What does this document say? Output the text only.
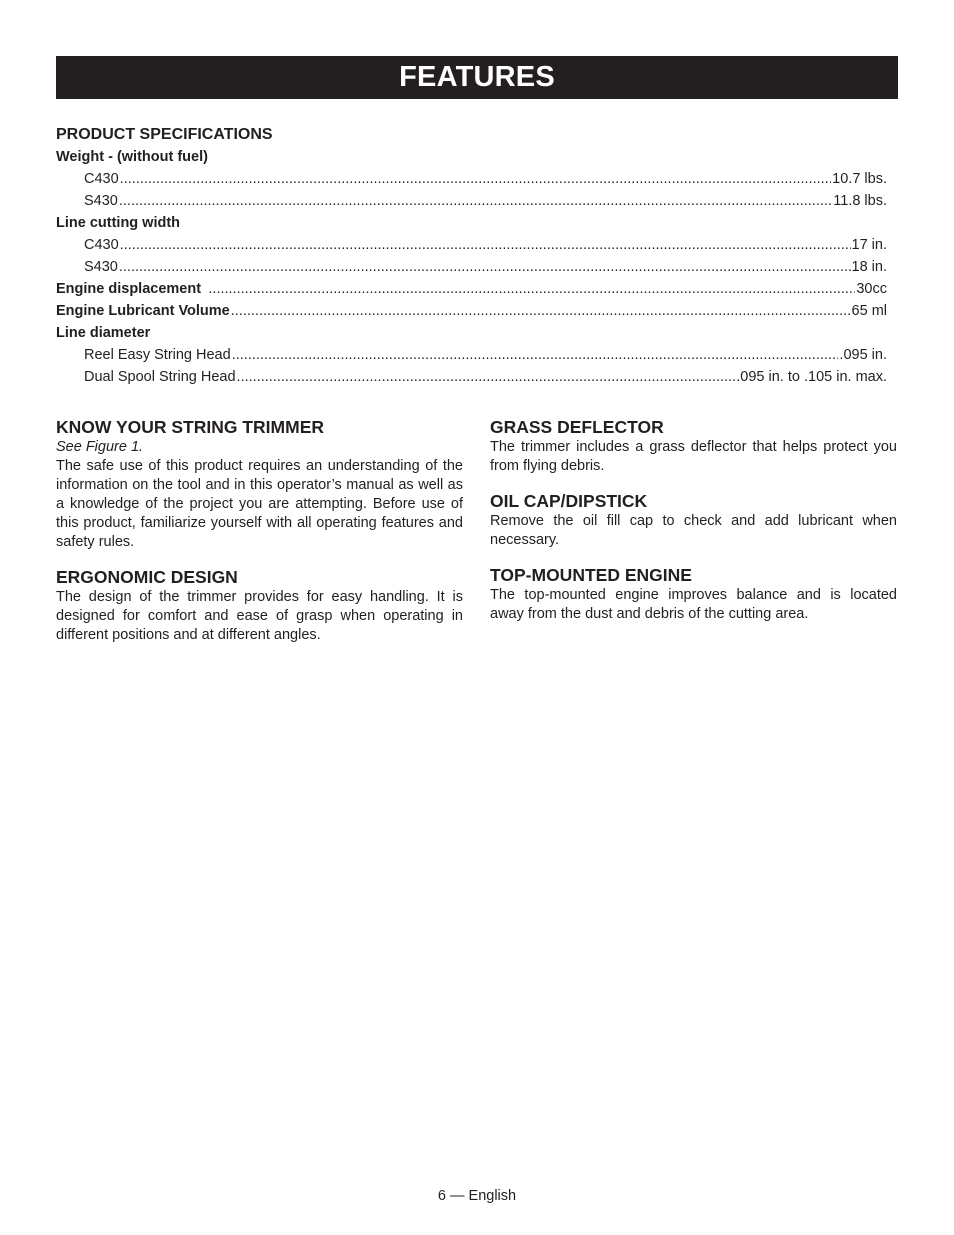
FEATURES
PRODUCT SPECIFICATIONS
Weight - (without fuel)
C430 .....	10.7 lbs.
S430 .....	11.8 lbs.
Line cutting width
C430 .....	17 in.
S430 .....	18 in.
Engine displacement .....	30cc
Engine Lubricant Volume .....	65 ml
Line diameter
Reel Easy String Head .....	.095 in.
Dual Spool String Head .....	.095 in. to .105 in. max.
KNOW YOUR STRING TRIMMER
See Figure 1.

The safe use of this product requires an understanding of the information on the tool and in this operator’s manual as well as a knowledge of the project you are attempting. Before use of this product, familiarize yourself with all operating features and safety rules.

ERGONOMIC DESIGN

The design of the trimmer provides for easy handling. It is designed for comfort and ease of grasp when operating in different positions and at different angles.

GRASS DEFLECTOR

The trimmer includes a grass deflector that helps protect you from flying debris.

OIL CAP/DIPSTICK

Remove the oil fill cap to check and add lubricant when necessary.

TOP-MOUNTED ENGINE

The top-mounted engine improves balance and is located away from the dust and debris of the cutting area.

6 — English
